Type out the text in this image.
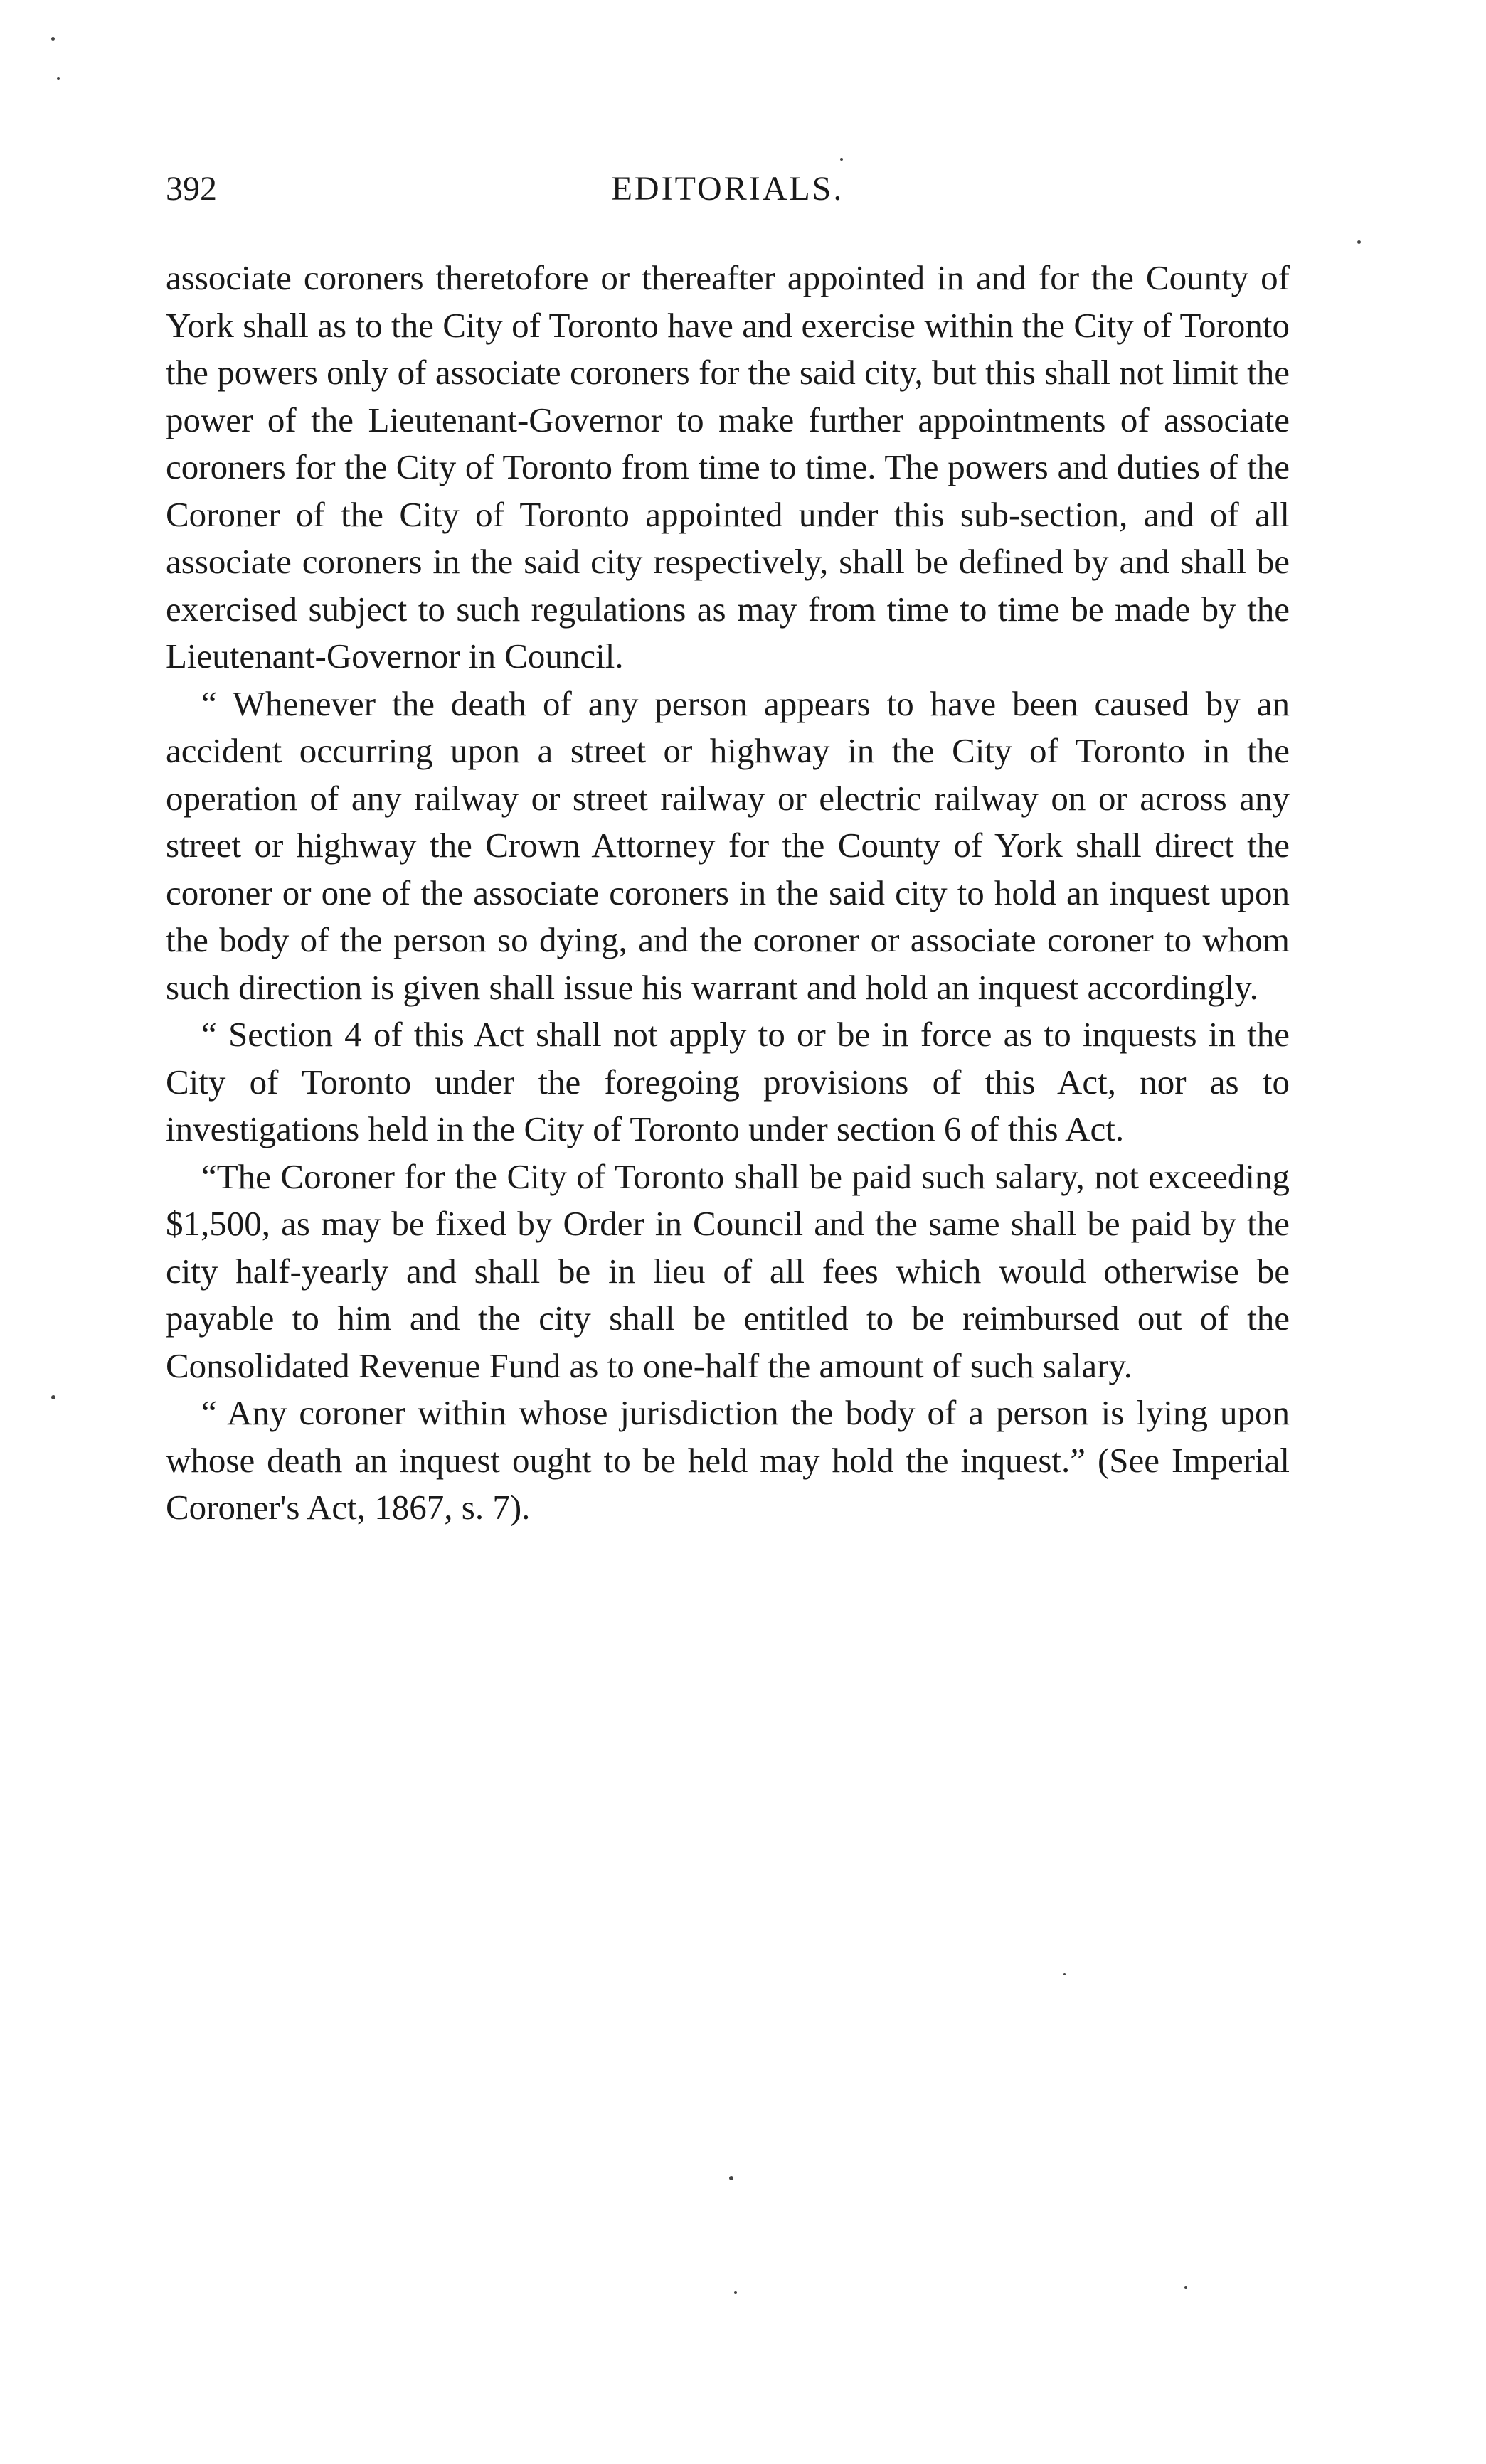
392	EDITORIALS.

associate coroners theretofore or thereafter appointed in and for the County of York shall as to the City of Toronto have and exercise within the City of Toronto the powers only of associate coroners for the said city, but this shall not limit the power of the Lieutenant-Governor to make further appointments of associate coroners for the City of Toronto from time to time. The powers and duties of the Coroner of the City of Toronto appointed under this sub-section, and of all associate coroners in the said city respectively, shall be defined by and shall be exercised subject to such regulations as may from time to time be made by the Lieutenant-Governor in Council.

“ Whenever the death of any person appears to have been caused by an accident occurring upon a street or highway in the City of Toronto in the operation of any railway or street railway or electric railway on or across any street or highway the Crown Attorney for the County of York shall direct the coroner or one of the associate coroners in the said city to hold an inquest upon the body of the person so dying, and the coroner or associate coroner to whom such direction is given shall issue his warrant and hold an inquest accordingly.

“ Section 4 of this Act shall not apply to or be in force as to inquests in the City of Toronto under the foregoing provisions of this Act, nor as to investigations held in the City of Toronto under section 6 of this Act.

“The Coroner for the City of Toronto shall be paid such salary, not exceeding $1,500, as may be fixed by Order in Council and the same shall be paid by the city half-yearly and shall be in lieu of all fees which would otherwise be payable to him and the city shall be entitled to be reimbursed out of the Consolidated Revenue Fund as to one-half the amount of such salary.

“ Any coroner within whose jurisdiction the body of a person is lying upon whose death an inquest ought to be held may hold the inquest.” (See Imperial Coroner's Act, 1867, s. 7).
